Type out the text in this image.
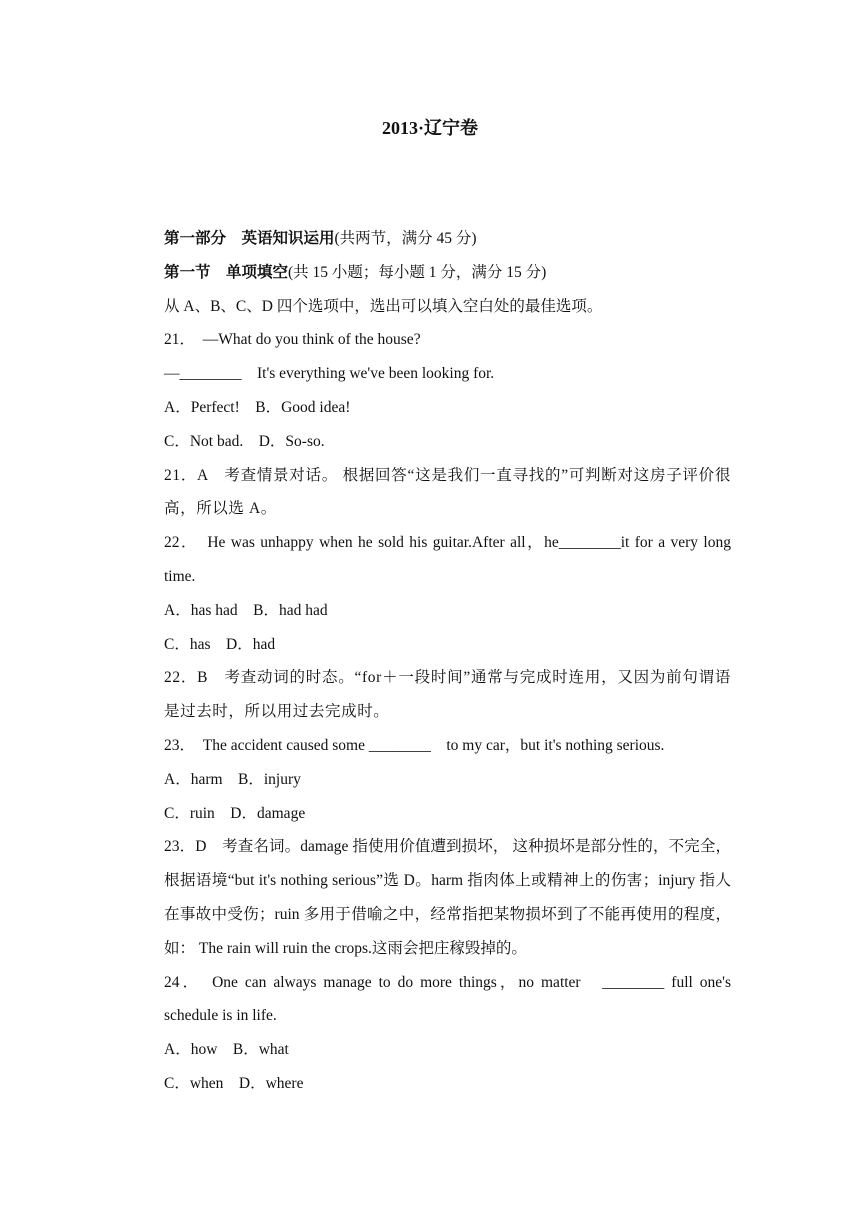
2013·辽宁卷

第一部分　英语知识运用(共两节，满分 45 分)

第一节　单项填空(共 15 小题；每小题 1 分，满分 15 分)

从 A、B、C、D 四个选项中，选出可以填入空白处的最佳选项。

21．　—What do you think of the house?

—________　It's everything we've been looking for.

A．Perfect!　B．Good idea!

C．Not bad.　D．So-so.

21．A　考查情景对话。 根据回答“这是我们一直寻找的”可判断对这房子评价很高，所以选 A。

22．　He was unhappy when he sold his guitar.After all，he________it for a very long time.

A．has had　B．had had

C．has　D．had

22．B　考查动词的时态。“for＋一段时间”通常与完成时连用，又因为前句谓语是过去时，所以用过去完成时。

23．　The accident caused some ________　to my car，but it's nothing serious.

A．harm　B．injury

C．ruin　D．damage

23．D　考查名词。damage 指使用价值遭到损坏， 这种损坏是部分性的，不完全，根据语境“but it's nothing serious”选 D。harm 指肉体上或精神上的伤害；injury 指人在事故中受伤；ruin 多用于借喻之中，经常指把某物损坏到了不能再使用的程度，如： The rain will ruin the crops.这雨会把庄稼毁掉的。

24．　One can always manage to do more things，no matter　________ full one's schedule is in life.

A．how　B．what

C．when　D．where
